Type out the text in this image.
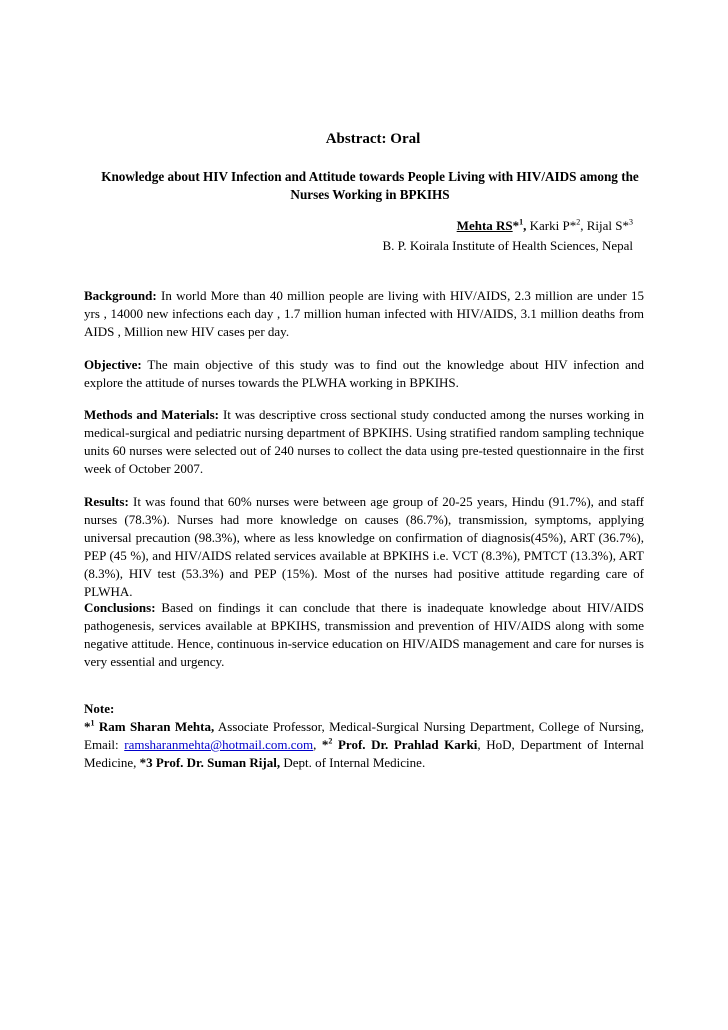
Abstract: Oral

Knowledge about HIV Infection and Attitude towards People Living with HIV/AIDS among the Nurses Working in BPKIHS

Mehta RS*$^1$, Karki P*$^2$, Rijal S*$^3$
B. P. Koirala Institute of Health Sciences, Nepal

Background: In world More than 40 million people are living with HIV/AIDS, 2.3 million are under 15 yrs , 14000 new infections each day , 1.7 million human infected with HIV/AIDS, 3.1 million deaths from AIDS , Million new HIV cases per day.

Objective: The main objective of this study was to find out the knowledge about HIV infection and explore the attitude of nurses towards the PLWHA working in BPKIHS.

Methods and Materials: It was descriptive cross sectional study conducted among the nurses working in medical-surgical and pediatric nursing department of BPKIHS. Using stratified random sampling technique units 60 nurses were selected out of 240 nurses to collect the data using pre-tested questionnaire in the first week of October 2007.

Results: It was found that 60% nurses were between age group of 20-25 years, Hindu (91.7%), and staff nurses (78.3%). Nurses had more knowledge on causes (86.7%), transmission, symptoms, applying universal precaution (98.3%), where as less knowledge on confirmation of diagnosis(45%), ART (36.7%), PEP (45 %), and HIV/AIDS related services available at BPKIHS i.e. VCT (8.3%), PMTCT (13.3%), ART (8.3%), HIV test (53.3%) and PEP (15%). Most of the nurses had positive attitude regarding care of PLWHA.

Conclusions: Based on findings it can conclude that there is inadequate knowledge about HIV/AIDS pathogenesis, services available at BPKIHS, transmission and prevention of HIV/AIDS along with some negative attitude. Hence, continuous in-service education on HIV/AIDS management and care for nurses is very essential and urgency.

Note:
*$^1$ Ram Sharan Mehta, Associate Professor, Medical-Surgical Nursing Department, College of Nursing, Email: ramsharanmehta@hotmail.com.com, *$^2$ Prof. Dr. Prahlad Karki, HoD, Department of Internal Medicine, *3 Prof. Dr. Suman Rijal, Dept. of Internal Medicine.
